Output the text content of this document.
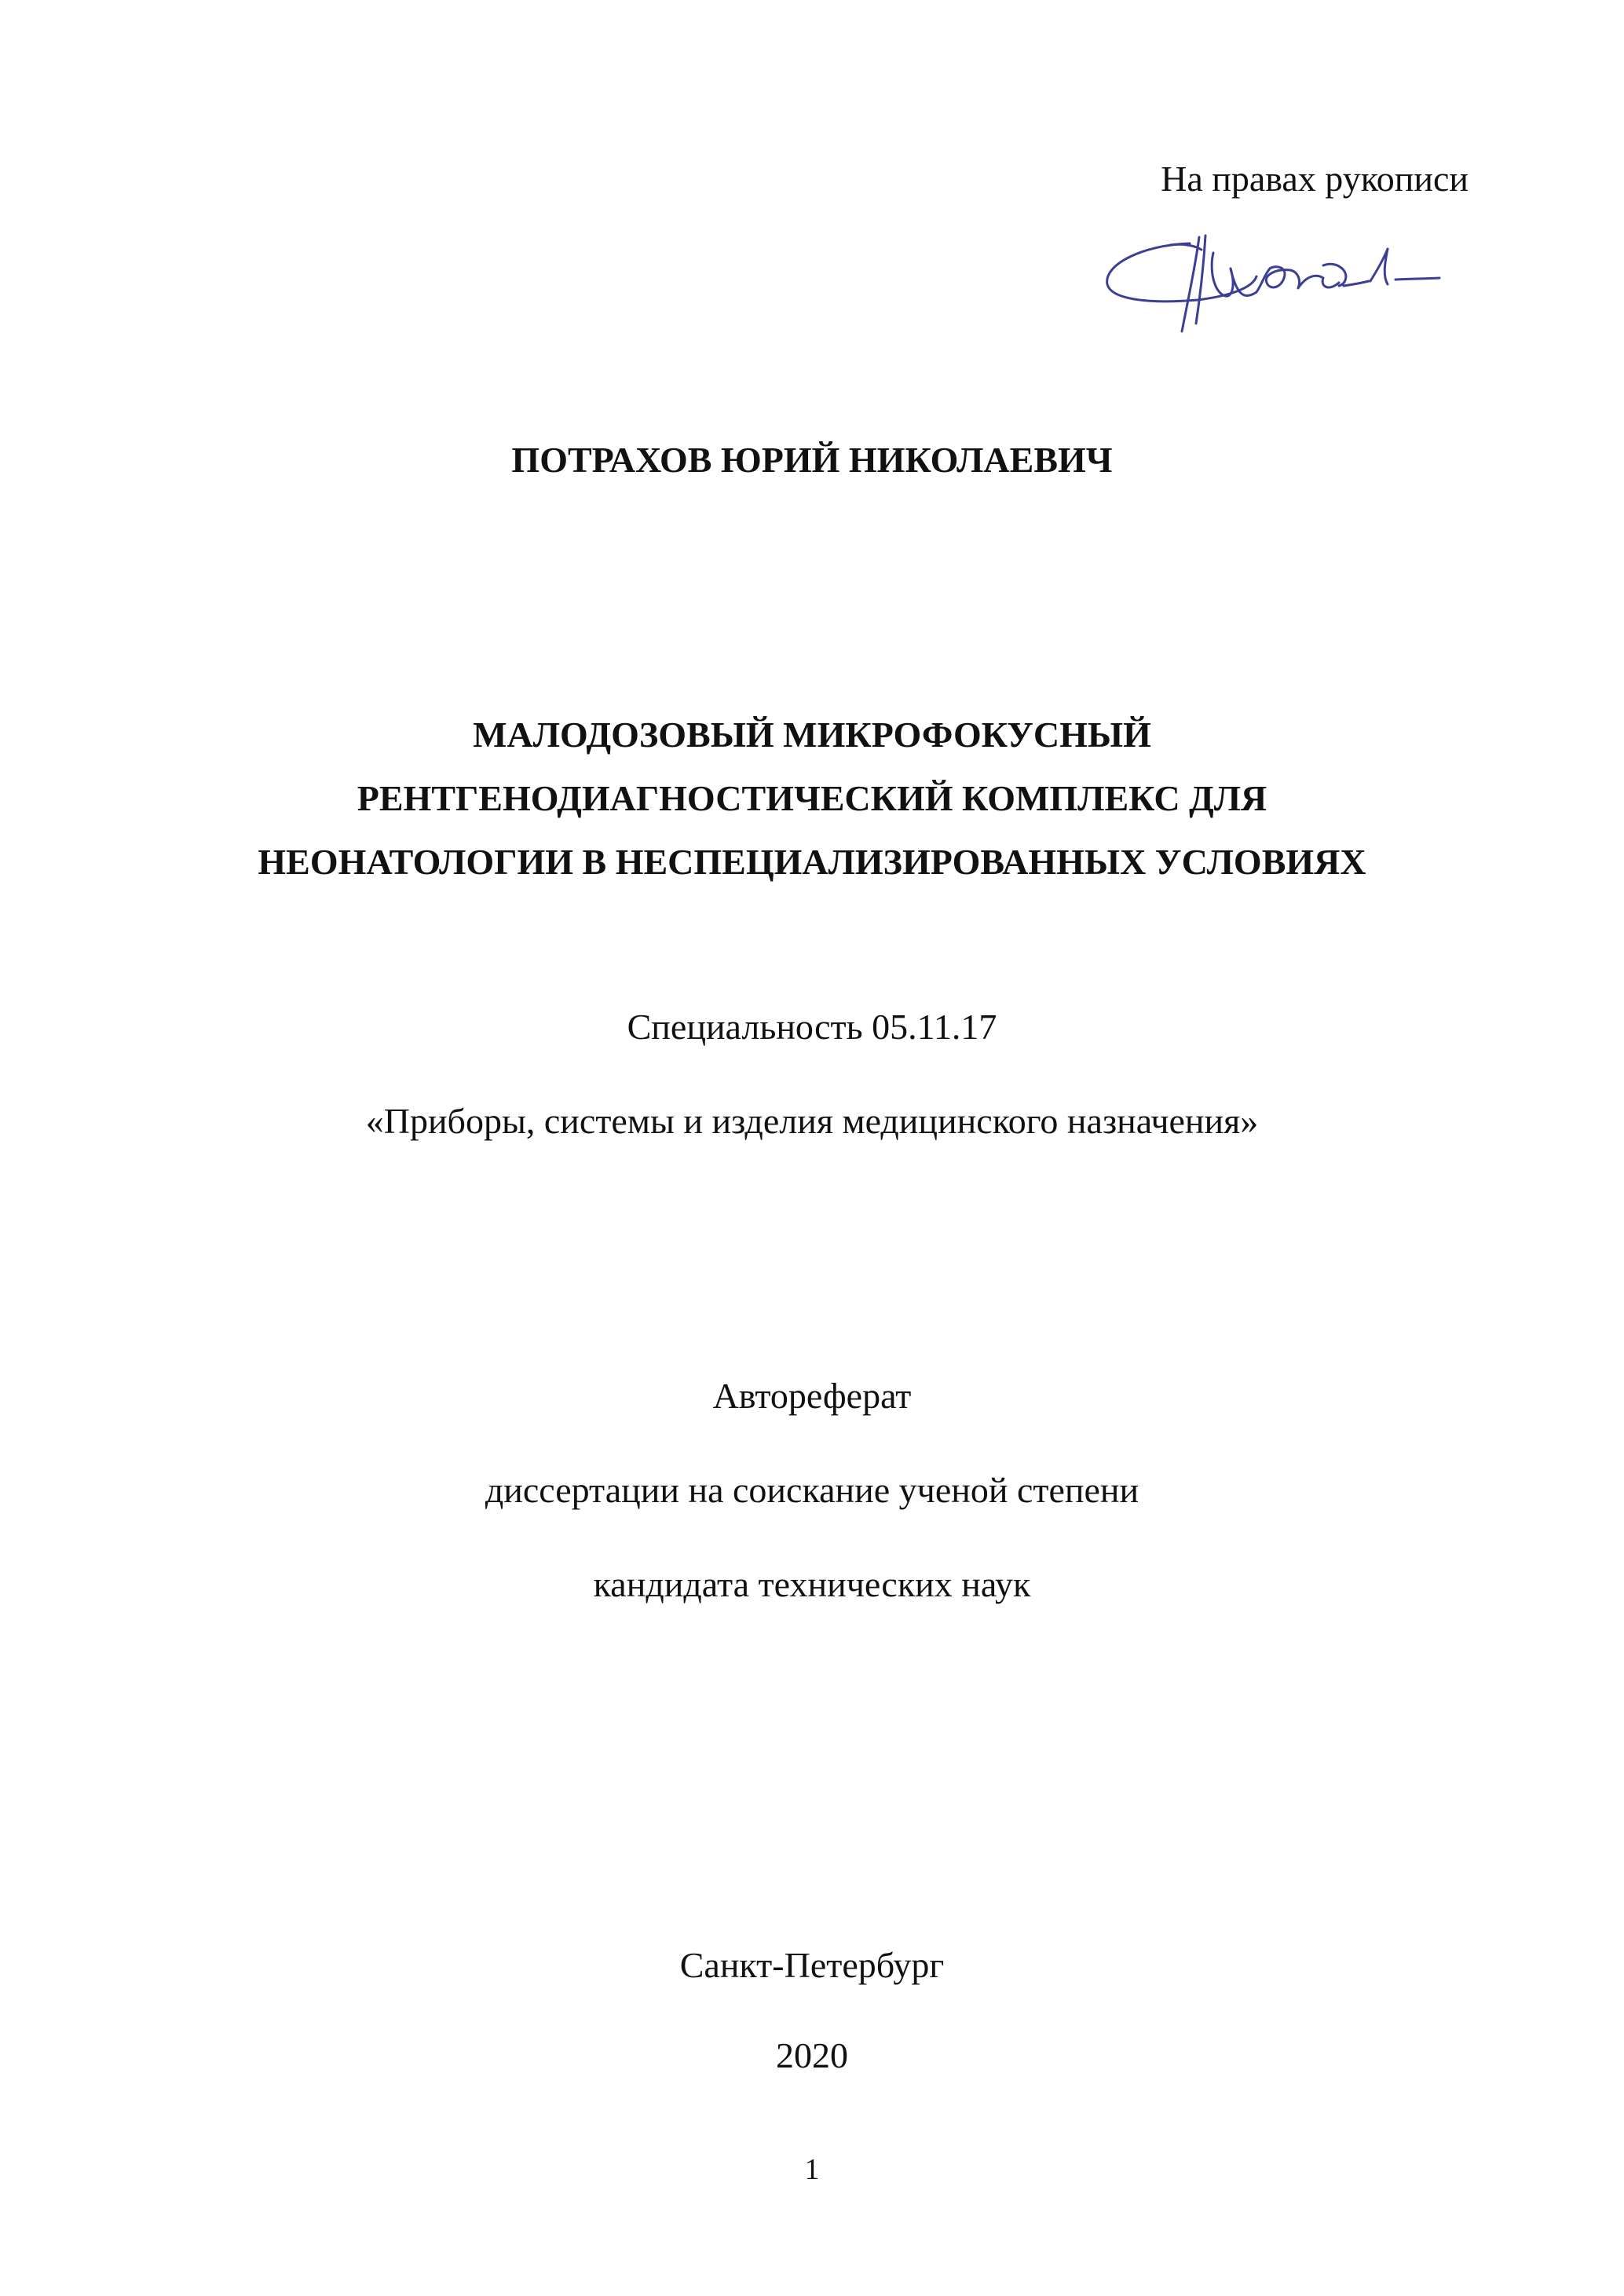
На правах рукописи
ПОТРАХОВ ЮРИЙ НИКОЛАЕВИЧ
МАЛОДОЗОВЫЙ МИКРОФОКУСНЫЙ
РЕНТГЕНОДИАГНОСТИЧЕСКИЙ КОМПЛЕКС ДЛЯ
НЕОНАТОЛОГИИ В НЕСПЕЦИАЛИЗИРОВАННЫХ УСЛОВИЯХ
Специальность 05.11.17
«Приборы, системы и изделия медицинского назначения»
Автореферат
диссертации на соискание ученой степени
кандидата технических наук
Санкт-Петербург
2020
1
